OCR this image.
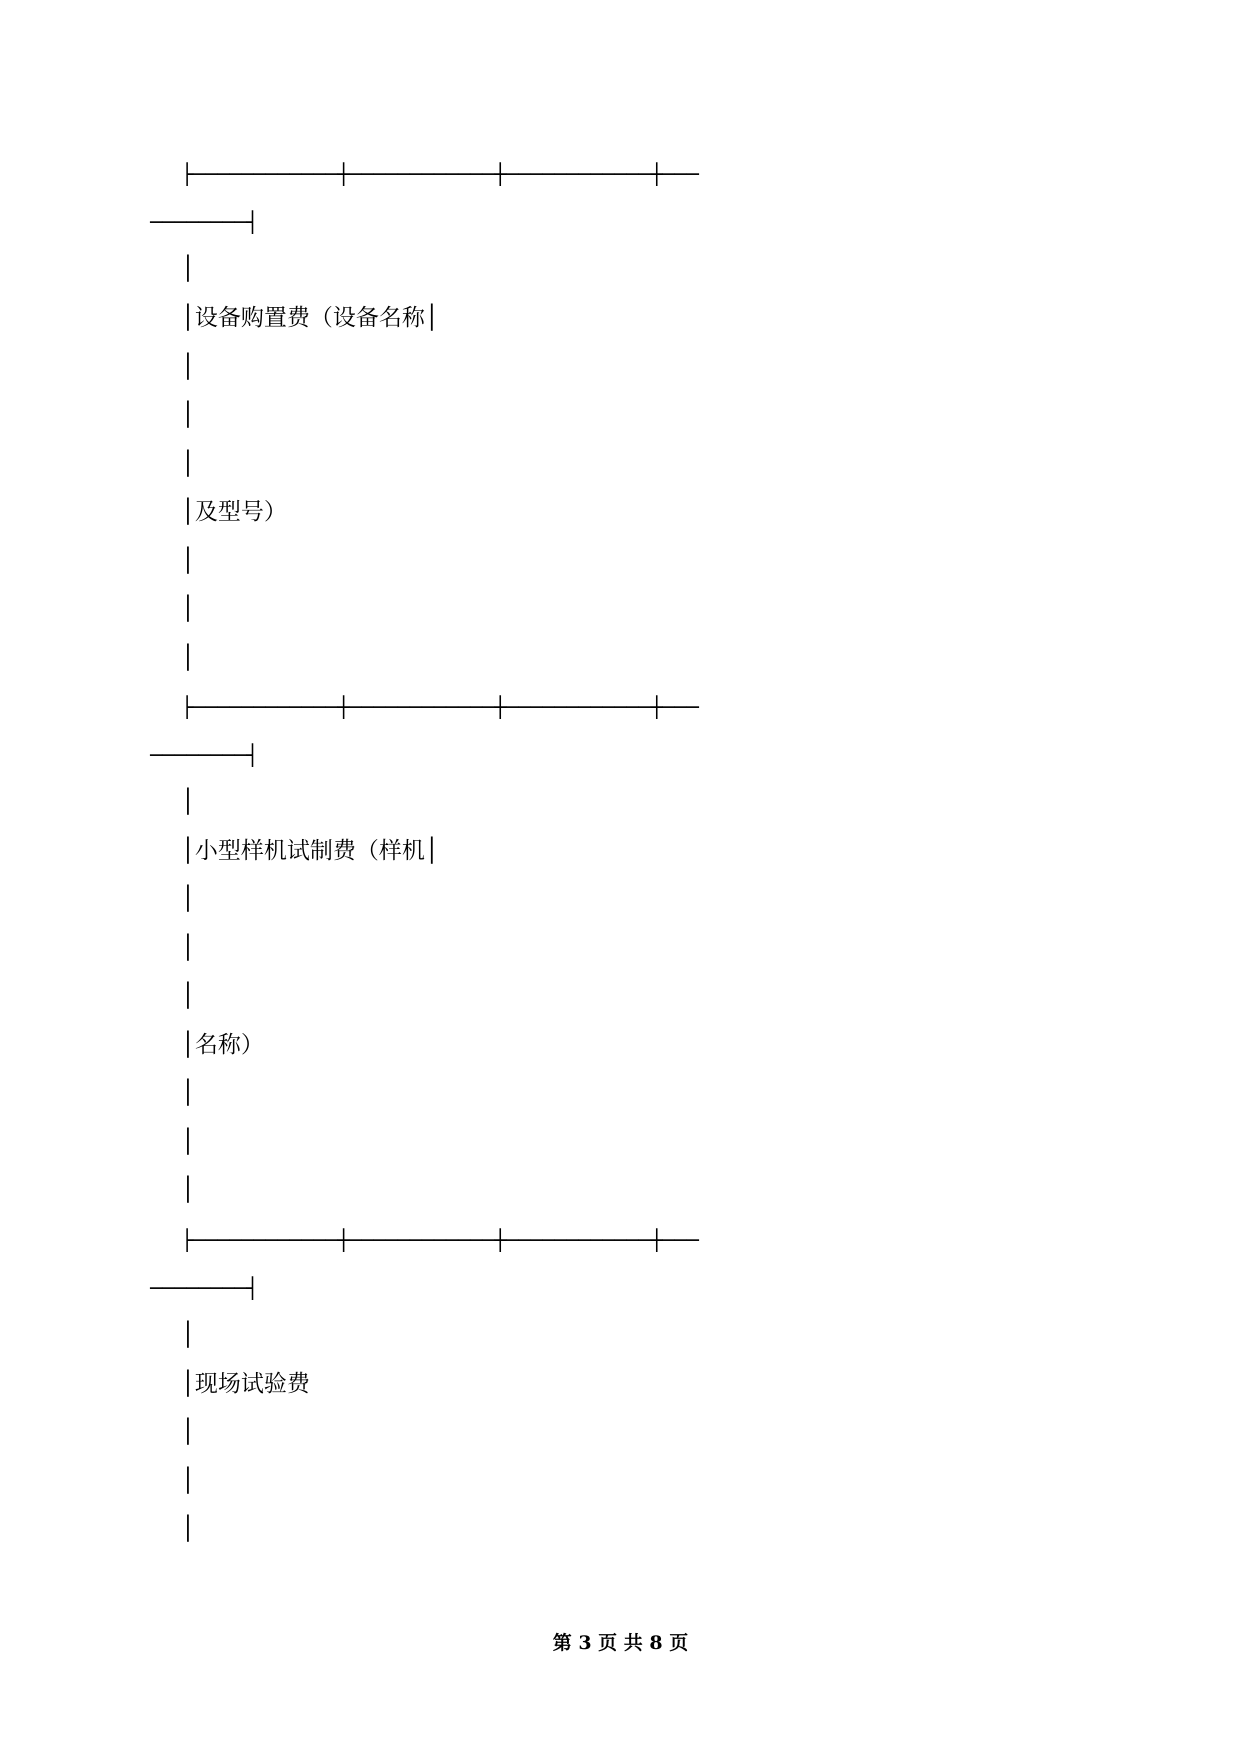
├────────────┼────────────┼────────────┼───
────────┤
│
│设备购置费（设备名称│
│
│
│
│及型号）
│
│
│
├────────────┼────────────┼────────────┼───
────────┤
│
│小型样机试制费（样机│
│
│
│
│名称）
│
│
│
├────────────┼────────────┼────────────┼───
────────┤
│
│现场试验费
│
│
│
第 3 页 共 8 页
